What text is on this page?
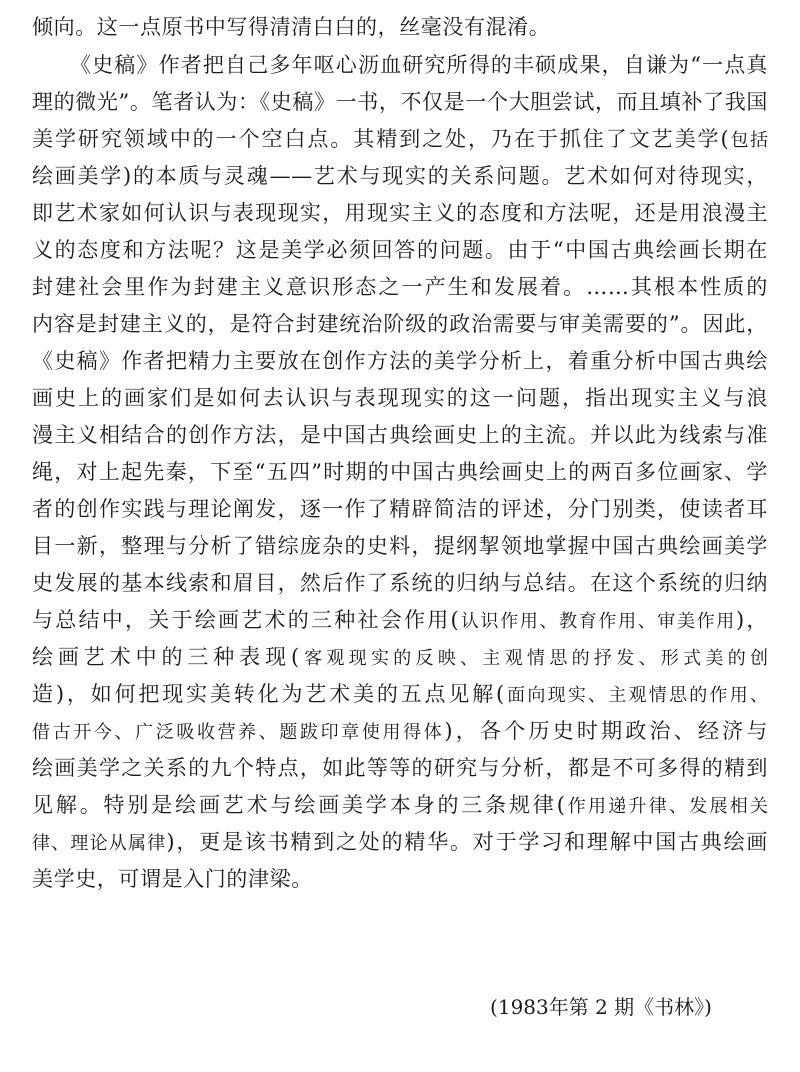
倾向。这一点原书中写得清清白白的，丝毫没有混淆。
《史稿》作者把自己多年呕心沥血研究所得的丰硕成果，自谦为“一点真
理的微光”。笔者认为：《史稿》一书，不仅是一个大胆尝试，而且填补了我国
美学研究领域中的一个空白点。其精到之处，乃在于抓住了文艺美学(包括
绘画美学)的本质与灵魂——艺术与现实的关系问题。艺术如何对待现实，
即艺术家如何认识与表现现实，用现实主义的态度和方法呢，还是用浪漫主
义的态度和方法呢？这是美学必须回答的问题。由于“中国古典绘画长期在
封建社会里作为封建主义意识形态之一产生和发展着。……其根本性质的
内容是封建主义的，是符合封建统治阶级的政治需要与审美需要的”。因此，
《史稿》作者把精力主要放在创作方法的美学分析上，着重分析中国古典绘
画史上的画家们是如何去认识与表现现实的这一问题，指出现实主义与浪
漫主义相结合的创作方法，是中国古典绘画史上的主流。并以此为线索与准
绳，对上起先秦，下至“五四”时期的中国古典绘画史上的两百多位画家、学
者的创作实践与理论阐发，逐一作了精辟简洁的评述，分门别类，使读者耳
目一新，整理与分析了错综庞杂的史料，提纲挈领地掌握中国古典绘画美学
史发展的基本线索和眉目，然后作了系统的归纳与总结。在这个系统的归纳
与总结中，关于绘画艺术的三种社会作用(认识作用、教育作用、审美作用)，
绘画艺术中的三种表现(客观现实的反映、主观情思的抒发、形式美的创
造)，如何把现实美转化为艺术美的五点见解(面向现实、主观情思的作用、
借古开今、广泛吸收营养、题跋印章使用得体)，各个历史时期政治、经济与
绘画美学之关系的九个特点，如此等等的研究与分析，都是不可多得的精到
见解。特别是绘画艺术与绘画美学本身的三条规律(作用递升律、发展相关
律、理论从属律)，更是该书精到之处的精华。对于学习和理解中国古典绘画
美学史，可谓是入门的津梁。
(1983年第 2 期《书林》)
